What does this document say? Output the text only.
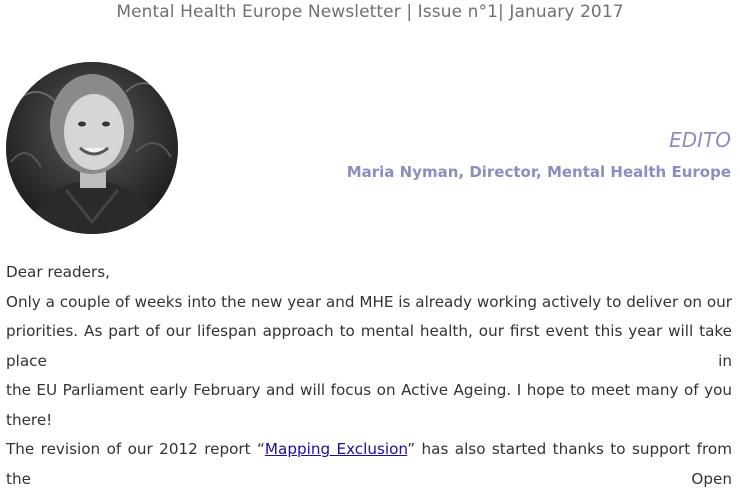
Mental Health Europe Newsletter | Issue n°1| January 2017
EDITO
Maria Nyman, Director, Mental Health Europe

Dear readers,

Only a couple of weeks into the new year and MHE is already working actively to deliver on our

priorities. As part of our lifespan approach to mental health, our first event this year will take place in

the EU Parliament early February and will focus on Active Ageing. I hope to meet many of you there!

The revision of our 2012 report “Mapping Exclusion” has also started thanks to support from the Open
